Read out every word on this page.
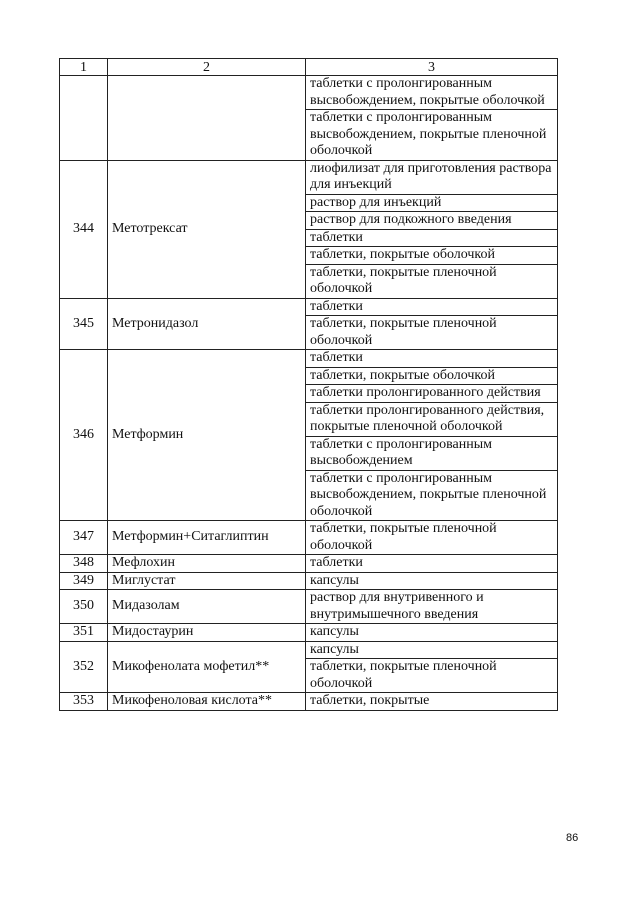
1	2	3
		таблетки с пролонгированным высвобождением, покрытые оболочкой
		таблетки с пролонгированным высвобождением, покрытые пленочной оболочкой
344	Метотрексат	лиофилизат для приготовления раствора для инъекций
		раствор для инъекций
		раствор для подкожного введения
		таблетки
		таблетки, покрытые оболочкой
		таблетки, покрытые пленочной оболочкой
345	Метронидазол	таблетки
		таблетки, покрытые пленочной оболочкой
346	Метформин	таблетки
		таблетки, покрытые оболочкой
		таблетки пролонгированного действия
		таблетки пролонгированного действия, покрытые пленочной оболочкой
		таблетки с пролонгированным высвобождением
		таблетки с пролонгированным высвобождением, покрытые пленочной оболочкой
347	Метформин+Ситаглиптин	таблетки, покрытые пленочной оболочкой
348	Мефлохин	таблетки
349	Миглустат	капсулы
350	Мидазолам	раствор для внутривенного и внутримышечного введения
351	Мидостаурин	капсулы
352	Микофенолата мофетил**	капсулы
		таблетки, покрытые пленочной оболочкой
353	Микофеноловая кислота**	таблетки, покрытые
86
